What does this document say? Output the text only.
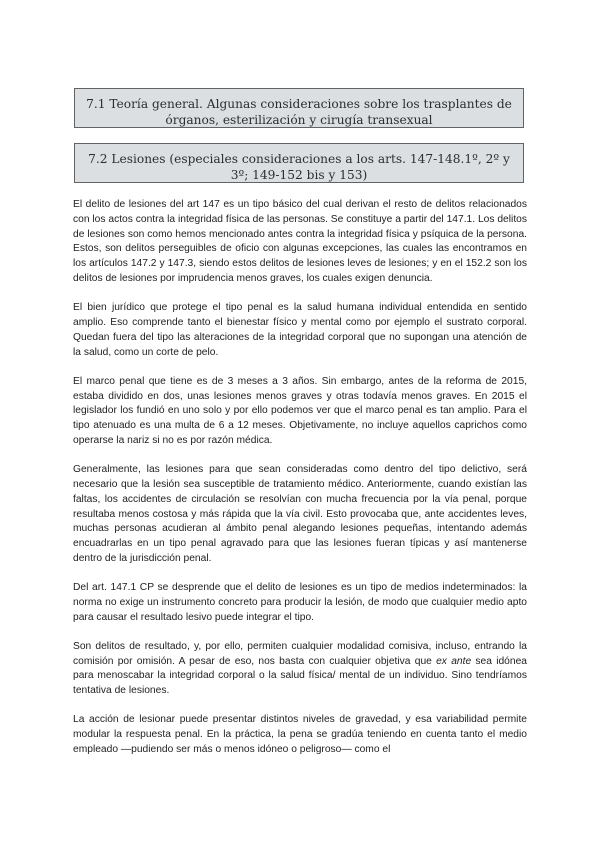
7.1 Teoría general. Algunas consideraciones sobre los trasplantes de órganos, esterilización y cirugía transexual
7.2 Lesiones (especiales consideraciones a los arts. 147-148.1º, 2º y 3º; 149-152 bis y 153)

El delito de lesiones del art 147 es un tipo básico del cual derivan el resto de delitos relacionados con los actos contra la integridad física de las personas. Se constituye a partir del 147.1. Los delitos de lesiones son como hemos mencionado antes contra la integridad física y psíquica de la persona. Estos, son delitos perseguibles de oficio con algunas excepciones, las cuales las encontramos en los artículos 147.2 y 147.3, siendo estos delitos de lesiones leves de lesiones; y en el 152.2 son los delitos de lesiones por imprudencia menos graves, los cuales exigen denuncia.

El bien jurídico que protege el tipo penal es la salud humana individual entendida en sentido amplio. Eso comprende tanto el bienestar físico y mental como por ejemplo el sustrato corporal. Quedan fuera del tipo las alteraciones de la integridad corporal que no supongan una atención de la salud, como un corte de pelo.

El marco penal que tiene es de 3 meses a 3 años. Sin embargo, antes de la reforma de 2015, estaba dividido en dos, unas lesiones menos graves y otras todavía menos graves. En 2015 el legislador los fundió en uno solo y por ello podemos ver que el marco penal es tan amplio. Para el tipo atenuado es una multa de 6 a 12 meses. Objetivamente, no incluye aquellos caprichos como operarse la nariz si no es por razón médica.

Generalmente, las lesiones para que sean consideradas como dentro del tipo delictivo, será necesario que la lesión sea susceptible de tratamiento médico. Anteriormente, cuando existían las faltas, los accidentes de circulación se resolvían con mucha frecuencia por la vía penal, porque resultaba menos costosa y más rápida que la vía civil. Esto provocaba que, ante accidentes leves, muchas personas acudieran al ámbito penal alegando lesiones pequeñas, intentando además encuadrarlas en un tipo penal agravado para que las lesiones fueran típicas y así mantenerse dentro de la jurisdicción penal.

Del art. 147.1 CP se desprende que el delito de lesiones es un tipo de medios indeterminados: la norma no exige un instrumento concreto para producir la lesión, de modo que cualquier medio apto para causar el resultado lesivo puede integrar el tipo.

Son delitos de resultado, y, por ello, permiten cualquier modalidad comisiva, incluso, entrando la comisión por omisión. A pesar de eso, nos basta con cualquier objetiva que ex ante sea idónea para menoscabar la integridad corporal o la salud física/ mental de un individuo. Sino tendríamos tentativa de lesiones.

La acción de lesionar puede presentar distintos niveles de gravedad, y esa variabilidad permite modular la respuesta penal. En la práctica, la pena se gradúa teniendo en cuenta tanto el medio empleado —pudiendo ser más o menos idóneo o peligroso— como el
